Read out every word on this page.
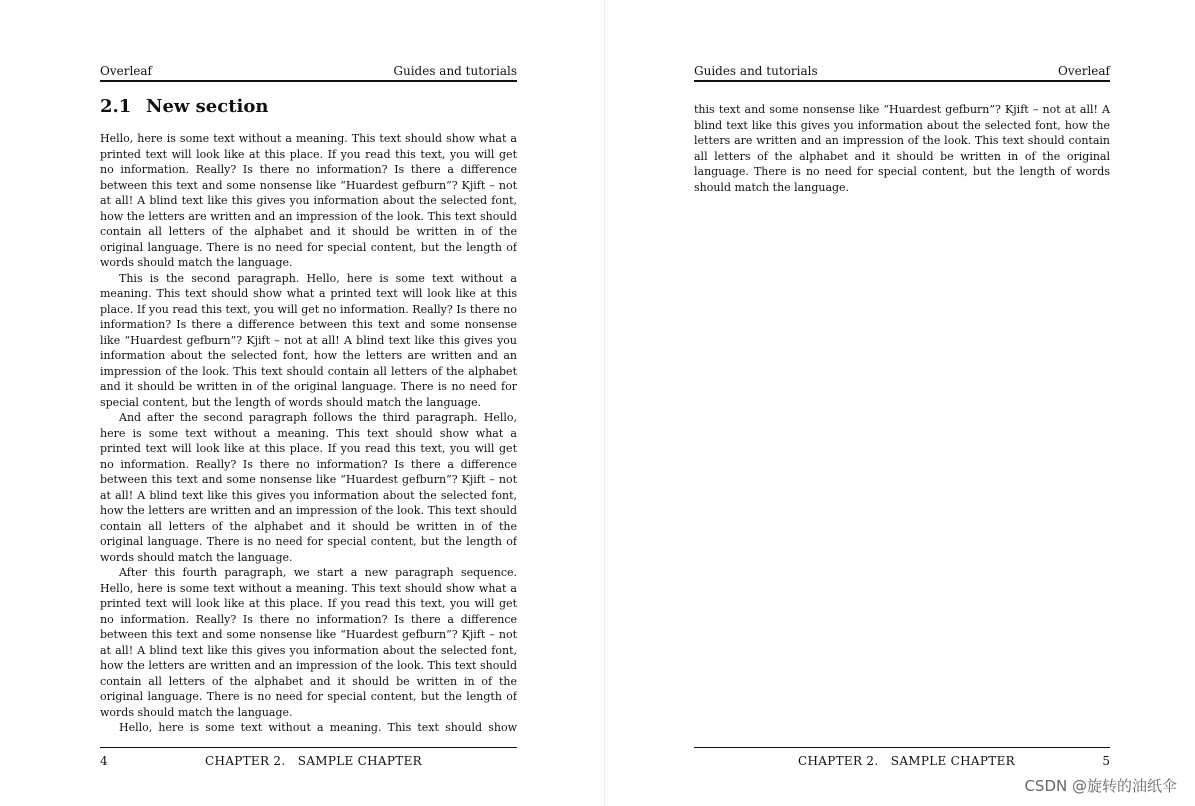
Overleaf	Guides and tutorials
2.1 New section

Hello, here is some text without a meaning. This text should show what a printed text will look like at this place. If you read this text, you will get no information. Really? Is there no information? Is there a difference between this text and some nonsense like “Huardest gefburn”? Kjift – not at all! A blind text like this gives you information about the selected font, how the letters are written and an impression of the look. This text should contain all letters of the alphabet and it should be written in of the original language. There is no need for special content, but the length of words should match the language.

This is the second paragraph. Hello, here is some text without a meaning. This text should show what a printed text will look like at this place. If you read this text, you will get no information. Really? Is there no information? Is there a difference between this text and some nonsense like “Huardest gefburn”? Kjift – not at all! A blind text like this gives you information about the selected font, how the letters are written and an impression of the look. This text should contain all letters of the alphabet and it should be written in of the original language. There is no need for special content, but the length of words should match the language.

And after the second paragraph follows the third paragraph. Hello, here is some text without a meaning. This text should show what a printed text will look like at this place. If you read this text, you will get no information. Really? Is there no information? Is there a difference between this text and some nonsense like “Huardest gefburn”? Kjift – not at all! A blind text like this gives you information about the selected font, how the letters are written and an impression of the look. This text should contain all letters of the alphabet and it should be written in of the original language. There is no need for special content, but the length of words should match the language.

After this fourth paragraph, we start a new paragraph sequence. Hello, here is some text without a meaning. This text should show what a printed text will look like at this place. If you read this text, you will get no information. Really? Is there no information? Is there a difference between this text and some nonsense like “Huardest gefburn”? Kjift – not at all! A blind text like this gives you information about the selected font, how the letters are written and an impression of the look. This text should contain all letters of the alphabet and it should be written in of the original language. There is no need for special content, but the length of words should match the language.

Hello, here is some text without a meaning. This text should show

4	CHAPTER 2.   SAMPLE CHAPTER
Guides and tutorials	Overleaf

this text and some nonsense like “Huardest gefburn”? Kjift – not at all! A blind text like this gives you information about the selected font, how the letters are written and an impression of the look. This text should contain all letters of the alphabet and it should be written in of the original language. There is no need for special content, but the length of words should match the language.

CHAPTER 2.   SAMPLE CHAPTER	5
CSDN @旋转的油纸伞
